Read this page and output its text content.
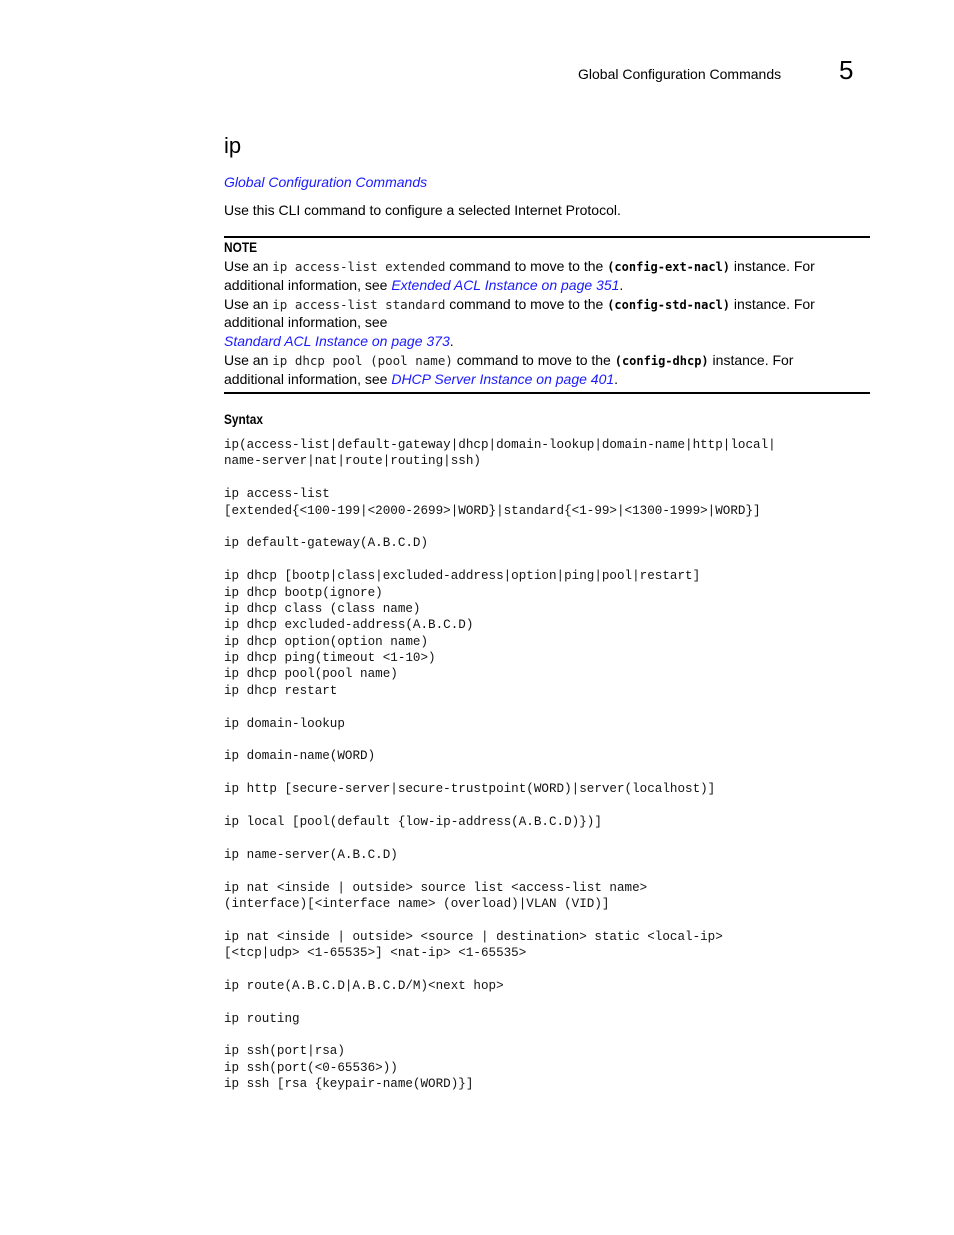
Global Configuration Commands 5
ip
Global Configuration Commands
Use this CLI command to configure a selected Internet Protocol.
NOTE
Use an ip access-list extended command to move to the (config-ext-nacl) instance. For
additional information, see Extended ACL Instance on page 351.
Use an ip access-list standard command to move to the (config-std-nacl) instance. For
additional information, see
Standard ACL Instance on page 373.
Use an ip dhcp pool (pool name) command to move to the (config-dhcp) instance. For
additional information, see DHCP Server Instance on page 401.
Syntax
ip(access-list|default-gateway|dhcp|domain-lookup|domain-name|http|local|
name-server|nat|route|routing|ssh)
ip access-list
[extended{<100-199|<2000-2699>|WORD}|standard{<1-99>|<1300-1999>|WORD}]
ip default-gateway(A.B.C.D)
ip dhcp [bootp|class|excluded-address|option|ping|pool|restart]
ip dhcp bootp(ignore)
ip dhcp class (class name)
ip dhcp excluded-address(A.B.C.D)
ip dhcp option(option name)
ip dhcp ping(timeout <1-10>)
ip dhcp pool(pool name)
ip dhcp restart
ip domain-lookup
ip domain-name(WORD)
ip http [secure-server|secure-trustpoint(WORD)|server(localhost)]
ip local [pool(default {low-ip-address(A.B.C.D)})]
ip name-server(A.B.C.D)
ip nat <inside | outside> source list <access-list name>
(interface)[<interface name> (overload)|VLAN (VID)]
ip nat <inside | outside> <source | destination> static <local-ip>
[<tcp|udp> <1-65535>] <nat-ip> <1-65535>
ip route(A.B.C.D|A.B.C.D/M)<next hop>
ip routing
ip ssh(port|rsa)
ip ssh(port(<0-65536>))
ip ssh [rsa {keypair-name(WORD)}]
